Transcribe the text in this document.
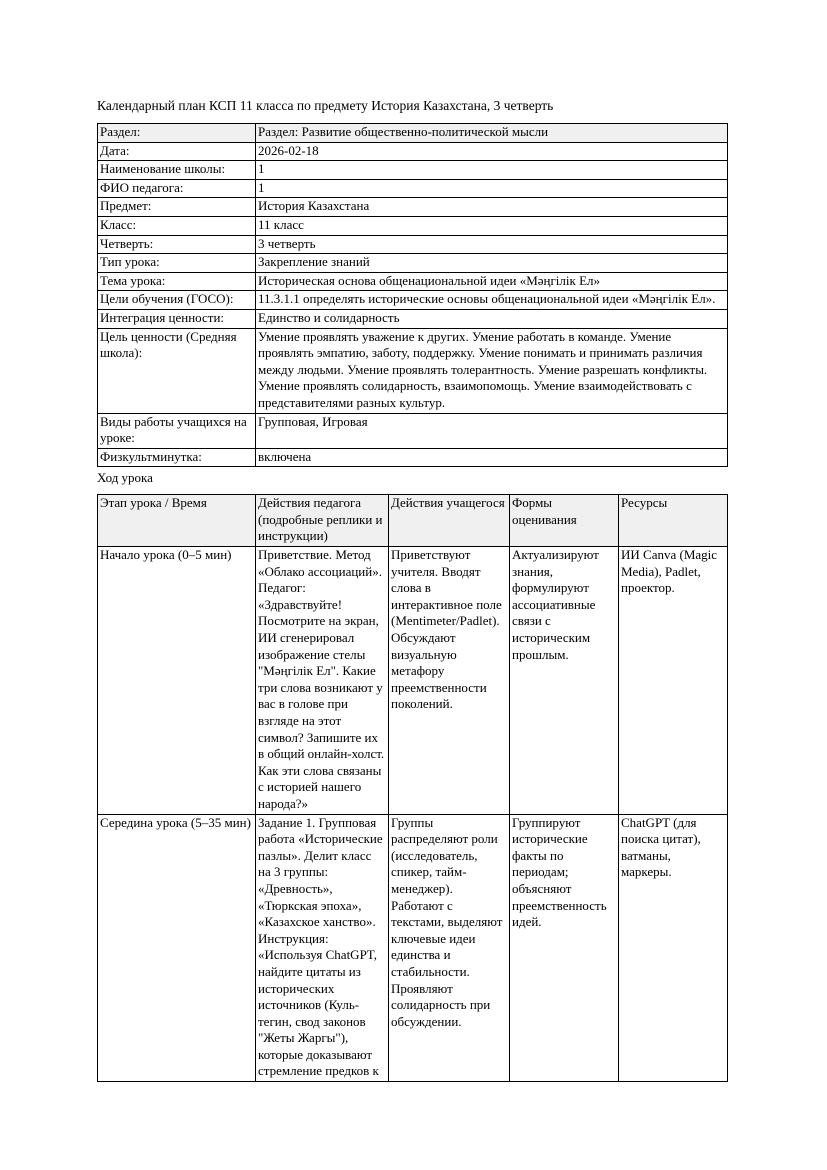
Календарный план КСП 11 класса по предмету История Казахстана, 3 четверть

Раздел:	Раздел: Развитие общественно-политической мысли
Дата:	2026-02-18
Наименование школы:	1
ФИО педагога:	1
Предмет:	История Казахстана
Класс:	11 класс
Четверть:	3 четверть
Тип урока:	Закрепление знаний
Тема урока:	Историческая основа общенациональной идеи «Мәңгілік Ел»
Цели обучения (ГОСО):	11.3.1.1 определять исторические основы общенациональной идеи «Мәңгілік Ел».
Интеграция ценности:	Единство и солидарность
Цель ценности (Средняя школа):	Умение проявлять уважение к других. Умение работать в команде. Умение проявлять эмпатию, заботу, поддержку. Умение понимать и принимать различия между людьми. Умение проявлять толерантность. Умение разрешать конфликты. Умение проявлять солидарность, взаимопомощь. Умение взаимодействовать с представителями разных культур.
Виды работы учащихся на уроке:	Групповая, Игровая
Физкультминутка:	включена

Ход урока

Этап урока / Время	Действия педагога (подробные реплики и инструкции)	Действия учащегося	Формы оценивания	Ресурсы
Начало урока (0–5 мин)	Приветствие. Метод «Облако ассоциаций». Педагог: «Здравствуйте! Посмотрите на экран, ИИ сгенерировал изображение стелы "Мәңгілік Ел". Какие три слова возникают у вас в голове при взгляде на этот символ? Запишите их в общий онлайн-холст. Как эти слова связаны с историей нашего народа?»	Приветствуют учителя. Вводят слова в интерактивное поле (Mentimeter/Padlet). Обсуждают визуальную метафору преемственности поколений.	Актуализируют знания, формулируют ассоциативные связи с историческим прошлым.	ИИ Canva (Magic Media), Padlet, проектор.
Середина урока (5–35 мин)	Задание 1. Групповая работа «Исторические пазлы». Делит класс на 3 группы: «Древность», «Тюркская эпоха», «Казахское ханство». Инструкция: «Используя ChatGPT, найдите цитаты из исторических источников (Куль-тегин, свод законов "Жеты Жаргы"), которые доказывают стремление предков к	Группы распределяют роли (исследователь, спикер, тайм-менеджер). Работают с текстами, выделяют ключевые идеи единства и стабильности. Проявляют солидарность при обсуждении.	Группируют исторические факты по периодам; объясняют преемственность идей.	ChatGPT (для поиска цитат), ватманы, маркеры.
